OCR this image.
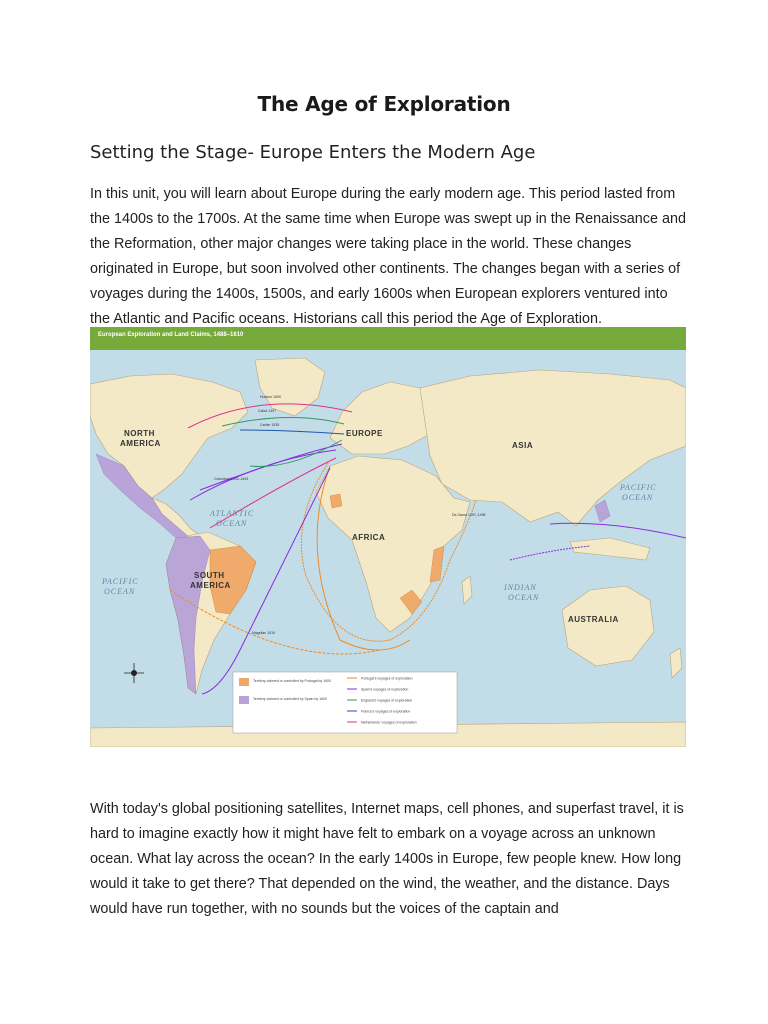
The Age of Exploration
Setting the Stage- Europe Enters the Modern Age
In this unit, you will learn about Europe during the early modern age. This period lasted from the 1400s to the 1700s. At the same time when Europe was swept up in the Renaissance and the Reformation, other major changes were taking place in the world. These changes originated in Europe, but soon involved other continents. The changes began with a series of voyages during the 1400s, 1500s, and early 1600s when European explorers ventured into the Atlantic and Pacific oceans. Historians call this period the Age of Exploration.
European Exploration and Land Claims, 1488–1610
NORTH
AMERICA
SOUTH
AMERICA
EUROPE
ASIA
AFRICA
AUSTRALIA
ATLANTIC
OCEAN
PACIFIC
OCEAN
PACIFIC
OCEAN
INDIAN
OCEAN
Columbus 1492–1493
Cabot 1497
Cartier 1535
Magellan 1519
Da Gama 1497–1498
Hudson 1609
Territory claimed or controlled by Portugal by 1600
Territory claimed or controlled by Spain by 1600
Portugal's voyages of exploration
Spain's voyages of exploration
England's voyages of exploration
France's voyages of exploration
Netherlands' voyages of exploration
With today's global positioning satellites, Internet maps, cell phones, and superfast travel, it is hard to imagine exactly how it might have felt to embark on a voyage across an unknown ocean. What lay across the ocean? In the early 1400s in Europe, few people knew. How long would it take to get there? That depended on the wind, the weather, and the distance. Days would have run together, with no sounds but the voices of the captain and
